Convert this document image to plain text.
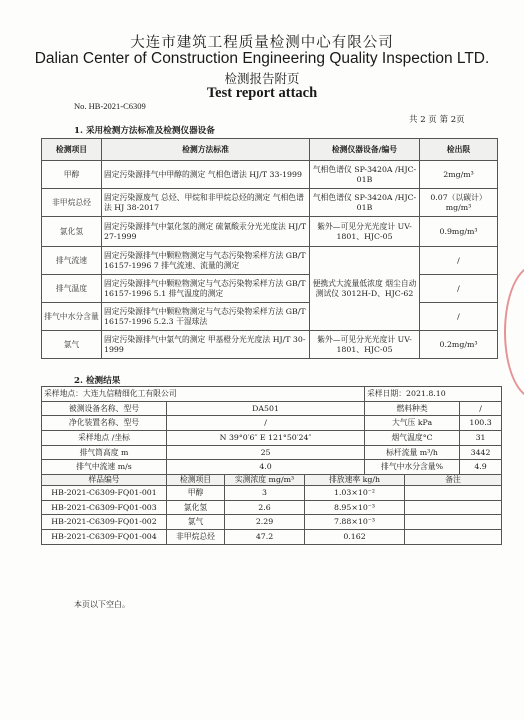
大连市建筑工程质量检测中心有限公司
Dalian Center of Construction Engineering Quality Inspection LTD.
检测报告附页
Test report attach
No. HB-2021-C6309
共 2 页 第 2页
1. 采用检测方法标准及检测仪器设备
检测项目	检测方法标准	检测仪器设备/编号	检出限
甲醇	固定污染源排气中甲醇的测定 气相色谱法 HJ/T 33-1999	气相色谱仪 SP-3420A /HJC-01B	2mg/m³
非甲烷总烃	固定污染源废气 总烃、甲烷和非甲烷总烃的测定 气相色谱法 HJ 38-2017	气相色谱仪 SP-3420A /HJC-01B	0.07（以碳计）mg/m³
氯化氢	固定污染源排气中氯化氢的测定 硫氰酸汞分光光度法 HJ/T 27-1999	紫外—可见分光光度计 UV-1801、HJC-05	0.9mg/m³
排气流速	固定污染源排气中颗粒物测定与气态污染物采样方法 GB/T 16157-1996 7 排气流速、流量的测定	便携式大流量低浓度 烟尘自动测试仪 3012H-D、HJC-62	/
排气温度	固定污染源排气中颗粒物测定与气态污染物采样方法 GB/T 16157-1996 5.1 排气温度的测定		/
排气中水分含量	固定污染源排气中颗粒物测定与气态污染物采样方法 GB/T 16157-1996 5.2.3 干湿球法		/
氯气	固定污染源排气中氯气的测定 甲基橙分光光度法 HJ/T 30-1999	紫外—可见分光光度计 UV-1801、HJC-05	0.2mg/m³
2. 检测结果
采样地点：大连九信精细化工有限公司				采样日期：2021.8.10		
被测设备名称、型号	DA501			燃料种类		/
净化装置名称、型号	/			大气压 kPa		100.3
采样地点 /坐标	N 39°0′6″ E 121°50′24″			烟气温度°C		31
排气筒高度 m	25			标杆流量 m³/h		3442
排气中流速 m/s	4.0			排气中水分含量%		4.9
样品编号	检测项目	实测浓度 mg/m³	排放速率 kg/h		备注	
HB-2021-C6309-FQ01-001	甲醇	3	1.03×10⁻²			
HB-2021-C6309-FQ01-003	氯化氢	2.6	8.95×10⁻³			
HB-2021-C6309-FQ01-002	氯气	2.29	7.88×10⁻³			
HB-2021-C6309-FQ01-004	非甲烷总烃	47.2	0.162			
本页以下空白。
